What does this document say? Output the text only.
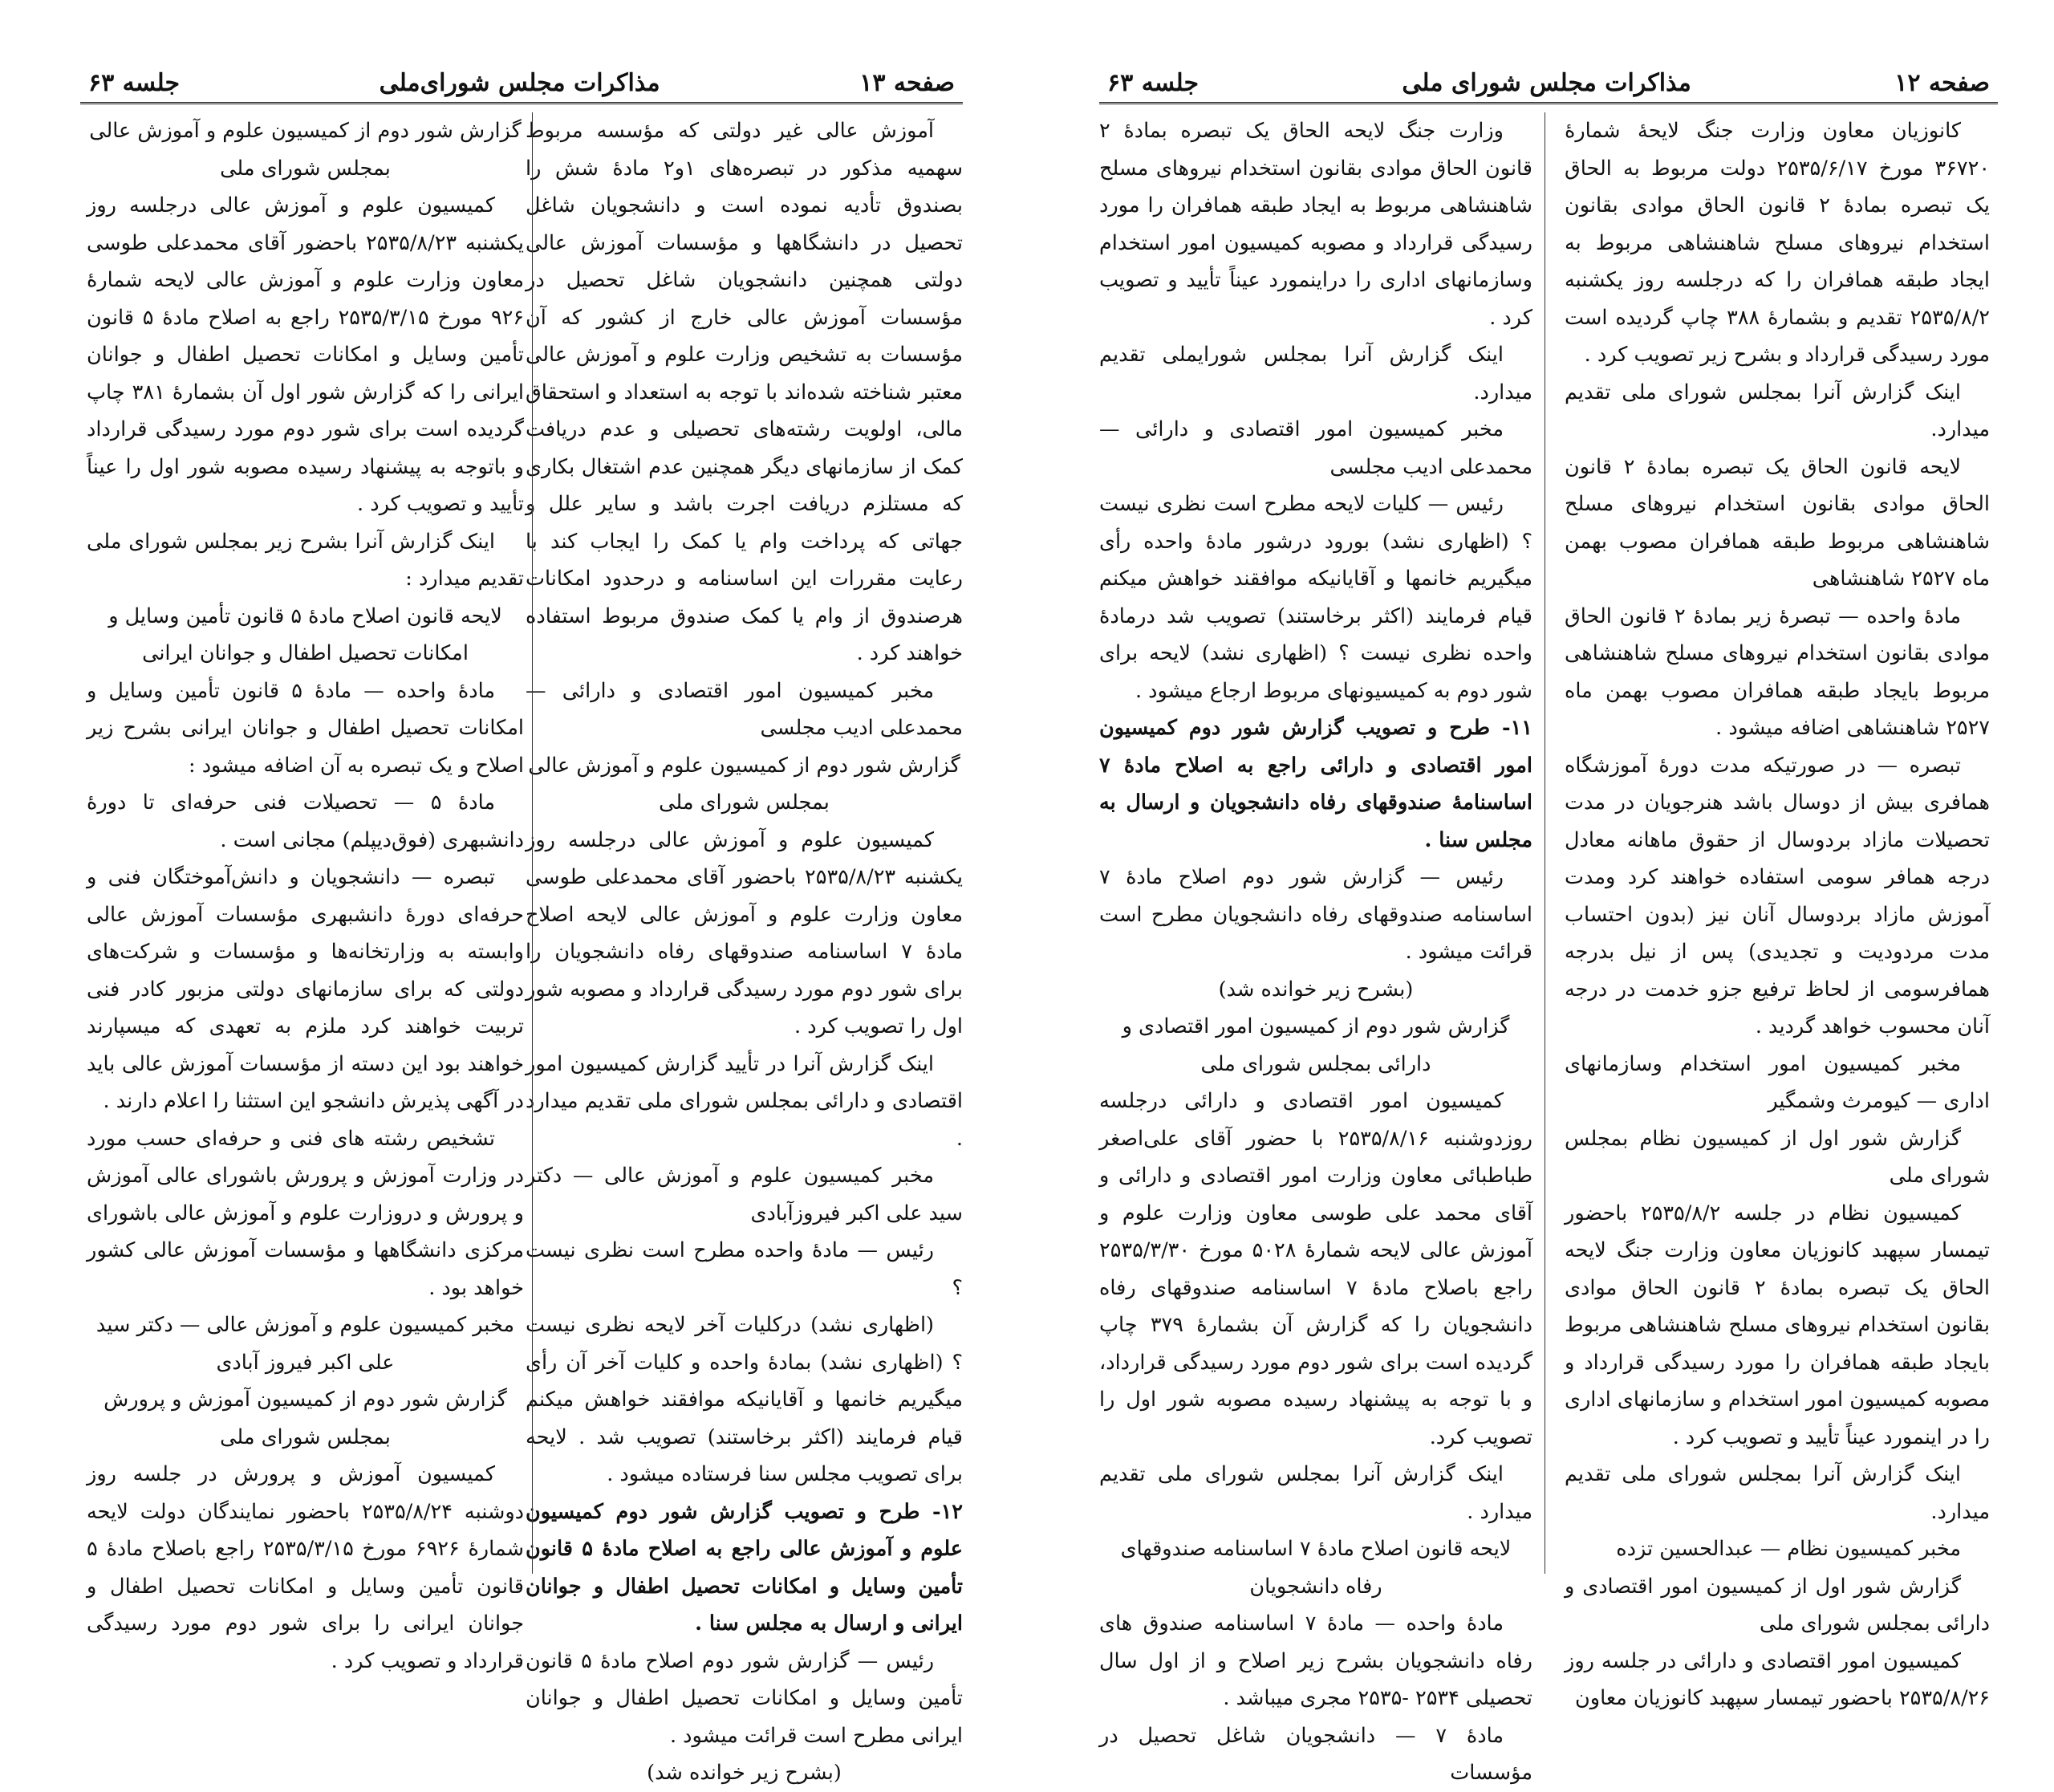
صفحه ۱۳
مذاکرات مجلس شورای‌ملی
جلسه ۶۳

آموزش عالی غیر دولتی که مؤسسه مربوط سهمیه مذکور در تبصره‌های ۱و۲ مادهٔ شش را بصندوق تأدیه نموده است و دانشجویان شاغل تحصیل در دانشگاهها و مؤسسات آموزش عالی دولتی همچنین دانشجویان شاغل تحصیل در مؤسسات آموزش عالی خارج از کشور که آن مؤسسات به تشخیص وزارت علوم و آموزش عالی معتبر شناخته شده‌اند با توجه به استعداد و استحقاق مالی، اولویت رشته‌های تحصیلی و عدم دریافت کمک از سازمانهای دیگر همچنین عدم اشتغال بکاری که مستلزم دریافت اجرت باشد و سایر علل و جهاتی که پرداخت وام یا کمک را ایجاب کند با رعایت مقررات این اساسنامه و درحدود امکانات هرصندوق از وام یا کمک صندوق مربوط استفاده خواهند کرد .

مخبر کمیسیون امور اقتصادی و دارائی — محمدعلی ادیب مجلسی

گزارش شور دوم از کمیسیون علوم و آموزش عالی بمجلس شورای ملی

کمیسیون علوم و آموزش عالی درجلسه روز یکشنبه ۲۵۳۵/۸/۲۳ باحضور آقای محمدعلی طوسی معاون وزارت علوم و آموزش عالی لایحه اصلاح مادهٔ ۷ اساسنامه صندوقهای رفاه دانشجویان را برای شور دوم مورد رسیدگی قرارداد و مصوبه شور اول را تصویب کرد .

اینک گزارش آنرا در تأیید گزارش کمیسیون امور اقتصادی و دارائی بمجلس شورای ملی تقدیم میدارد .

مخبر کمیسیون علوم و آموزش عالی — دکتر سید علی اکبر فیروزآبادی

رئیس — مادهٔ واحده مطرح است نظری نیست ؟

(اظهاری نشد) درکلیات آخر لایحه نظری نیست ؟ (اظهاری نشد) بمادهٔ واحده و کلیات آخر آن رأی میگیریم خانمها و آقایانیکه موافقند خواهش میکنم قیام فرمایند (اکثر برخاستند) تصویب شد . لایحه برای تصویب مجلس سنا فرستاده میشود .

۱۲- طرح و تصویب گزارش شور دوم کمیسیون علوم و آموزش عالی راجع به اصلاح مادهٔ ۵ قانون تأمین وسایل و امکانات تحصیل اطفال و جوانان ایرانی و ارسال به مجلس سنا .

رئیس — گزارش شور دوم اصلاح مادهٔ ۵ قانون تأمین وسایل و امکانات تحصیل اطفال و جوانان ایرانی مطرح است قرائت میشود .

(بشرح زیر خوانده شد)

گزارش شور دوم از کمیسیون علوم و آموزش عالی بمجلس شورای ملی

کمیسیون علوم و آموزش عالی درجلسه روز یکشنبه ۲۵۳۵/۸/۲۳ باحضور آقای محمدعلی طوسی معاون وزارت علوم و آموزش عالی لایحه شمارهٔ ۹۲۶ مورخ ۲۵۳۵/۳/۱۵ راجع به اصلاح مادهٔ ۵ قانون تأمین وسایل و امکانات تحصیل اطفال و جوانان ایرانی را که گزارش شور اول آن بشمارهٔ ۳۸۱ چاپ گردیده است برای شور دوم مورد رسیدگی قرارداد و باتوجه به پیشنهاد رسیده مصوبه شور اول را عیناً تأیید و تصویب کرد .

اینک گزارش آنرا بشرح زیر بمجلس شورای ملی تقدیم میدارد :

لایحه قانون اصلاح مادهٔ ۵ قانون تأمین وسایل و امکانات تحصیل اطفال و جوانان ایرانی

مادهٔ واحده — مادهٔ ۵ قانون تأمین وسایل و امکانات تحصیل اطفال و جوانان ایرانی بشرح زیر اصلاح و یک تبصره به آن اضافه میشود :

مادهٔ ۵ — تحصیلات فنی حرفه‌ای تا دورهٔ دانشبهری (فوق‌دیپلم) مجانی است .

تبصره — دانشجویان و دانش‌آموختگان فنی و حرفه‌ای دورهٔ دانشبهری مؤسسات آموزش عالی وابسته به وزارتخانه‌ها و مؤسسات و شرکت‌های دولتی که برای سازمانهای دولتی مزبور کادر فنی تربیت خواهند کرد ملزم به تعهدی که میسپارند خواهند بود این دسته از مؤسسات آموزش عالی باید در آگهی پذیرش دانشجو این استثنا را اعلام دارند .

تشخیص رشته های فنی و حرفه‌ای حسب مورد در وزارت آموزش و پرورش باشورای عالی آموزش و پرورش و دروزارت علوم و آموزش عالی باشورای مرکزی دانشگاهها و مؤسسات آموزش عالی کشور خواهد بود .

مخبر کمیسیون علوم و آموزش عالی — دکتر سید علی اکبر فیروز آبادی

گزارش شور دوم از کمیسیون آموزش و پرورش بمجلس شورای ملی

کمیسیون آموزش و پرورش در جلسه روز دوشنبه ۲۵۳۵/۸/۲۴ باحضور نمایندگان دولت لایحه شمارهٔ ۶۹۲۶ مورخ ۲۵۳۵/۳/۱۵ راجع باصلاح مادهٔ ۵ قانون تأمین وسایل و امکانات تحصیل اطفال و جوانان ایرانی را برای شور دوم مورد رسیدگی قرارداد و تصویب کرد .

صفحه ۱۲
مذاکرات مجلس شورای ملی
جلسه ۶۳

کانوزیان معاون وزارت جنگ لایحهٔ شمارهٔ ۳۶۷۲۰ مورخ ۲۵۳۵/۶/۱۷ دولت مربوط به الحاق یک تبصره بمادهٔ ۲ قانون الحاق موادی بقانون استخدام نیروهای مسلح شاهنشاهی مربوط به ایجاد طبقه همافران را که درجلسه روز یکشنبه ۲۵۳۵/۸/۲ تقدیم و بشمارهٔ ۳۸۸ چاپ گردیده است مورد رسیدگی قرارداد و بشرح زیر تصویب کرد .

اینک گزارش آنرا بمجلس شورای ملی تقدیم میدارد.

لایحه قانون الحاق یک تبصره بمادهٔ ۲ قانون الحاق موادی بقانون استخدام نیروهای مسلح شاهنشاهی مربوط طبقه همافران مصوب بهمن ماه ۲۵۲۷ شاهنشاهی

مادهٔ واحده — تبصرهٔ زیر بمادهٔ ۲ قانون الحاق موادی بقانون استخدام نیروهای مسلح شاهنشاهی مربوط بایجاد طبقه همافران مصوب بهمن ماه ۲۵۲۷ شاهنشاهی اضافه میشود .

تبصره — در صورتیکه مدت دورهٔ آموزشگاه همافری بیش از دوسال باشد هنرجویان در مدت تحصیلات مازاد بردوسال از حقوق ماهانه معادل درجه همافر سومی استفاده خواهند کرد ومدت آموزش مازاد بردوسال آنان نیز (بدون احتساب مدت مردودیت و تجدیدی) پس از نیل بدرجه همافرسومی از لحاظ ترفیع جزو خدمت در درجه آنان محسوب خواهد گردید .

مخبر کمیسیون امور استخدام وسازمانهای اداری — کیومرث وشمگیر

گزارش شور اول از کمیسیون نظام بمجلس شورای ملی

کمیسیون نظام در جلسه ۲۵۳۵/۸/۲ باحضور تیمسار سپهبد کانوزیان معاون وزارت جنگ لایحه الحاق یک تبصره بمادهٔ ۲ قانون الحاق موادی بقانون استخدام نیروهای مسلح شاهنشاهی مربوط بایجاد طبقه همافران را مورد رسیدگی قرارداد و مصوبه کمیسیون امور استخدام و سازمانهای اداری را در اینمورد عیناً تأیید و تصویب کرد .

اینک گزارش آنرا بمجلس شورای ملی تقدیم میدارد.

مخبر کمیسیون نظام — عبدالحسین تزده

گزارش شور اول از کمیسیون امور اقتصادی و دارائی بمجلس شورای ملی

کمیسیون امور اقتصادی و دارائی در جلسه روز ۲۵۳۵/۸/۲۶ باحضور تیمسار سپهبد کانوزیان معاون

وزارت جنگ لایحه الحاق یک تبصره بمادهٔ ۲ قانون الحاق موادی بقانون استخدام نیروهای مسلح شاهنشاهی مربوط به ایجاد طبقه همافران را مورد رسیدگی قرارداد و مصوبه کمیسیون امور استخدام وسازمانهای اداری را دراینمورد عیناً تأیید و تصویب کرد .

اینک گزارش آنرا بمجلس شورایملی تقدیم میدارد.

مخبر کمیسیون امور اقتصادی و دارائی — محمدعلی ادیب مجلسی

رئیس — کلیات لایحه مطرح است نظری نیست ؟ (اظهاری نشد) بورود درشور مادهٔ واحده رأی میگیریم خانمها و آقایانیکه موافقند خواهش میکنم قیام فرمایند (اکثر برخاستند) تصویب شد درمادهٔ واحده نظری نیست ؟ (اظهاری نشد) لایحه برای شور دوم به کمیسیونهای مربوط ارجاع میشود .

۱۱- طرح و تصویب گزارش شور دوم کمیسیون امور اقتصادی و دارائی راجع به اصلاح مادهٔ ۷ اساسنامهٔ صندوقهای رفاه دانشجویان و ارسال به مجلس سنا .

رئیس — گزارش شور دوم اصلاح مادهٔ ۷ اساسنامه صندوقهای رفاه دانشجویان مطرح است قرائت میشود .

(بشرح زیر خوانده شد)

گزارش شور دوم از کمیسیون امور اقتصادی و دارائی بمجلس شورای ملی

کمیسیون امور اقتصادی و دارائی درجلسه روزدوشنبه ۲۵۳۵/۸/۱۶ با حضور آقای علی‌اصغر طباطبائی معاون وزارت امور اقتصادی و دارائی و آقای محمد علی طوسی معاون وزارت علوم و آموزش عالی لایحه شمارهٔ ۵۰۲۸ مورخ ۲۵۳۵/۳/۳۰ راجع باصلاح مادهٔ ۷ اساسنامه صندوقهای رفاه دانشجویان را که گزارش آن بشمارهٔ ۳۷۹ چاپ گردیده است برای شور دوم مورد رسیدگی قرارداد، و با توجه به پیشنهاد رسیده مصوبه شور اول را تصویب کرد.

اینک گزارش آنرا بمجلس شورای ملی تقدیم میدارد .

لایحه قانون اصلاح مادهٔ ۷ اساسنامه صندوقهای رفاه دانشجویان

مادهٔ واحده — مادهٔ ۷ اساسنامه صندوق های رفاه دانشجویان بشرح زیر اصلاح و از اول سال تحصیلی ۲۵۳۴ -۲۵۳۵ مجری میباشد .

مادهٔ ۷ — دانشجویان شاغل تحصیل در مؤسسات
